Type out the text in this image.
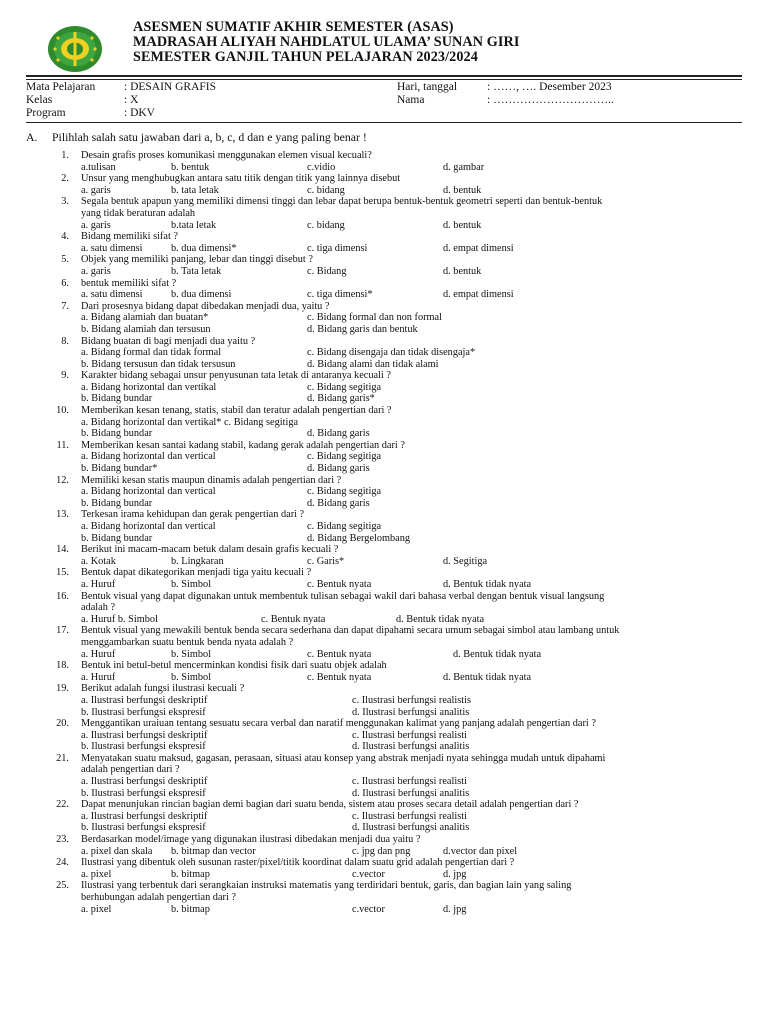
ASESMEN SUMATIF AKHIR SEMESTER (ASAS)
MADRASAH ALIYAH NAHDLATUL ULAMA’ SUNAN GIRI
SEMESTER GANJIL TAHUN PELAJARAN 2023/2024
Mata Pelajaran : DESAIN GRAFIS
Kelas	: X
Program	: DKV
Hari, tanggal	: ……, …. Desember 2023
Nama	: …………………………..
A. Pilihlah salah satu jawaban dari a, b, c, d dan e yang paling benar !
1. Desain grafis proses komunikasi menggunakan elemen visual kecuali?
a.tulisan	b. bentuk	c.vidio	d. gambar
2. Unsur yang menghubugkan antara satu titik dengan titik yang lainnya disebut
a. garis	b. tata letak	c. bidang	d. bentuk
3. Segala bentuk apapun yang memiliki dimensi tinggi dan lebar dapat berupa bentuk-bentuk geometri seperti dan bentuk-bentuk
yang tidak beraturan adalah
a. garis	b.tata letak	c. bidang	d. bentuk
4. Bidang memiliki sifat ?
a. satu dimensi	b. dua dimensi*	c. tiga dimensi	d. empat dimensi
5. Objek yang memiliki panjang, lebar dan tinggi disebut ?
a. garis	b. Tata letak	c. Bidang	d. bentuk
6. bentuk memiliki sifat ?
a. satu dimensi	b. dua dimensi	c. tiga dimensi*	d. empat dimensi
7. Dari prosesnya bidang dapat dibedakan menjadi dua, yaitu ?
a. Bidang alamiah dan buatan*	c. Bidang formal dan non formal
b. Bidang alamiah dan tersusun	d. Bidang garis dan bentuk
8. Bidang buatan di bagi menjadi dua yaitu ?
a. Bidang formal dan tidak formal	c. Bidang disengaja dan tidak disengaja*
b. Bidang tersusun dan tidak tersusun	d. Bidang alami dan tidak alami
9. Karakter bidang sebagai unsur penyusunan tata letak di antaranya kecuali ?
a. Bidang horizontal dan vertikal	c. Bidang segitiga
b. Bidang bundar	d. Bidang garis*
10. Memberikan kesan tenang, statis, stabil dan teratur adalah pengertian dari ?
a. Bidang horizontal dan vertikal* c. Bidang segitiga
b. Bidang bundar	d. Bidang garis
11. Memberikan kesan santai kadang stabil, kadang gerak adalah pengertian dari ?
a. Bidang horizontal dan vertical	c. Bidang segitiga
b. Bidang bundar*	d. Bidang garis
12. Memiliki kesan statis maupun dinamis adalah pengertian dari ?
a. Bidang horizontal dan vertical	c. Bidang segitiga
b. Bidang bundar	d. Bidang garis
13. Terkesan irama kehidupan dan gerak pengertian dari ?
a. Bidang horizontal dan vertical	c. Bidang segitiga
b. Bidang bundar	d. Bidang Bergelombang
14. Berikut ini macam-macam betuk dalam desain grafis kecuali ?
a. Kotak	b. Lingkaran	c. Garis*	d. Segitiga
15. Bentuk dapat dikategorikan menjadi tiga yaitu kecuali ?
a. Huruf	b. Simbol	c. Bentuk nyata	d. Bentuk tidak nyata
16. Bentuk visual yang dapat digunakan untuk membentuk tulisan sebagai wakil dari bahasa verbal dengan bentuk visual langsung
adalah ?
a. Huruf b. Simbol	c. Bentuk nyata	d. Bentuk tidak nyata
17. Bentuk visual yang mewakili bentuk benda secara sederhana dan dapat dipahami secara umum sebagai simbol atau lambang untuk
menggambarkan suatu bentuk benda nyata adalah ?
a. Huruf	b. Simbol	c. Bentuk nyata	d. Bentuk tidak nyata
18. Bentuk ini betul-betul mencerminkan kondisi fisik dari suatu objek adalah
a. Huruf	b. Simbol	c. Bentuk nyata	d. Bentuk tidak nyata
19. Berikut adalah fungsi ilustrasi kecuali ?
a. Ilustrasi berfungsi deskriptif	c. Ilustrasi berfungsi realistis
b. Ilustrasi berfungsi ekspresif	d. Ilustrasi berfungsi analitis
20. Menggantikan uraiuan tentang sesuatu secara verbal dan naratif menggunakan kalimat yang panjang adalah pengertian dari ?
a. Ilustrasi berfungsi deskriptif	c. Ilustrasi berfungsi realisti
b. Ilustrasi berfungsi ekspresif	d. Ilustrasi berfungsi analitis
21. Menyatakan suatu maksud, gagasan, perasaan, situasi atau konsep yang abstrak menjadi nyata sehingga mudah untuk dipahami
adalah pengertian dari ?
a. Ilustrasi berfungsi deskriptif	c. Ilustrasi berfungsi realisti
b. Ilustrasi berfungsi ekspresif	d. Ilustrasi berfungsi analitis
22. Dapat menunjukan rincian bagian demi bagian dari suatu benda, sistem atau proses secara detail adalah pengertian dari ?
a. Ilustrasi berfungsi deskriptif	c. Ilustrasi berfungsi realisti
b. Ilustrasi berfungsi ekspresif	d. Ilustrasi berfungsi analitis
23. Berdasarkan model/image yang digunakan ilustrasi dibedakan menjadi dua yaitu ?
a. pixel dan skala b. bitmap dan vector	c. jpg dan png	d.vector dan pixel
24. Ilustrasi yang dibentuk oleh susunan raster/pixel/titik koordinat dalam suatu grid adalah pengertian dari ?
a. pixel	b. bitmap	c.vector	d. jpg
25. Ilustrasi yang terbentuk dari serangkaian instruksi matematis yang terdiridari bentuk, garis, dan bagian lain yang saling
berhubungan adalah pengertian dari ?
a. pixel	b. bitmap	c.vector	d. jpg
